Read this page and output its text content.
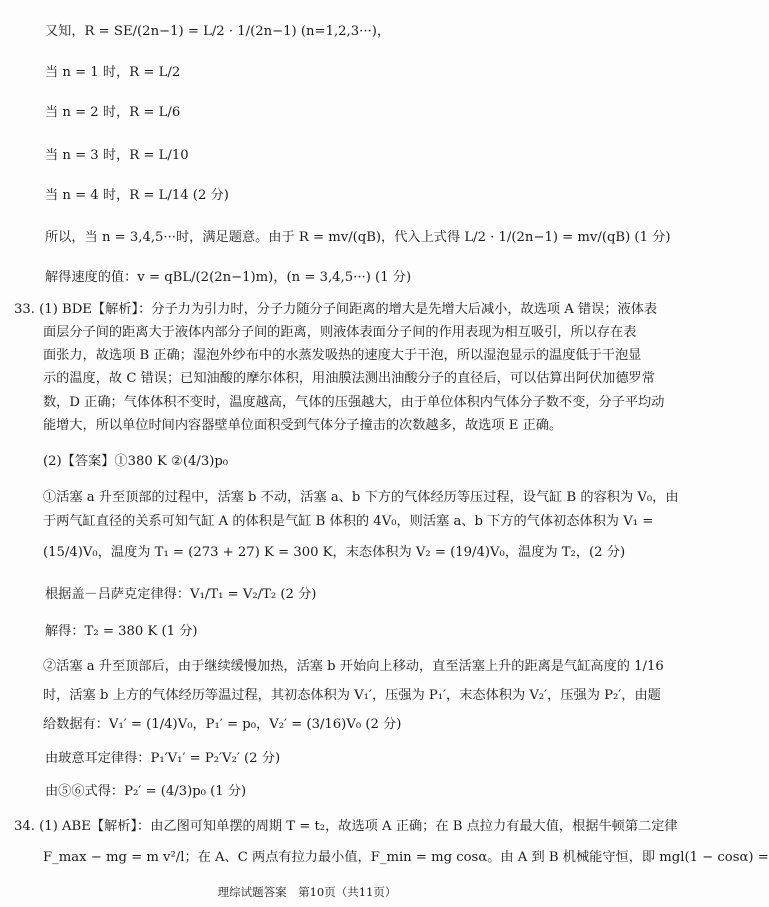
又知，R = SE/(2n−1) = L/2 · 1/(2n−1) (n=1,2,3···)，
当 n = 1 时，R = L/2
当 n = 2 时，R = L/6
当 n = 3 时，R = L/10
当 n = 4 时，R = L/14 (2 分)
所以，当 n = 3,4,5···时，满足题意。由于 R = mv/(qB)，代入上式得 L/2 · 1/(2n−1) = mv/(qB) (1 分)
解得速度的值：v = qBL/(2(2n−1)m)，(n = 3,4,5···) (1 分)
33. (1) BDE【解析】：分子力为引力时，分子力随分子间距离的增大是先增大后减小，故选项 A 错误；液体表
面层分子间的距离大于液体内部分子间的距离，则液体表面分子间的作用表现为相互吸引，所以存在表
面张力，故选项 B 正确；湿泡外纱布中的水蒸发吸热的速度大于干泡，所以湿泡显示的温度低于干泡显
示的温度，故 C 错误；已知油酸的摩尔体积，用油膜法测出油酸分子的直径后，可以估算出阿伏加德罗常
数，D 正确；气体体积不变时，温度越高，气体的压强越大，由于单位体积内气体分子数不变，分子平均动
能增大，所以单位时间内容器壁单位面积受到气体分子撞击的次数越多，故选项 E 正确。
(2)【答案】①380 K ②(4/3)p₀
①活塞 a 升至顶部的过程中，活塞 b 不动，活塞 a、b 下方的气体经历等压过程，设气缸 B 的容积为 V₀，由
于两气缸直径的关系可知气缸 A 的体积是气缸 B 体积的 4V₀，则活塞 a、b 下方的气体初态体积为 V₁ =
(15/4)V₀，温度为 T₁ = (273 + 27) K = 300 K，末态体积为 V₂ = (19/4)V₀，温度为 T₂，(2 分)
根据盖－吕萨克定律得：V₁/T₁ = V₂/T₂ (2 分)
解得：T₂ = 380 K (1 分)
②活塞 a 升至顶部后，由于继续缓慢加热，活塞 b 开始向上移动，直至活塞上升的距离是气缸高度的 1/16
时，活塞 b 上方的气体经历等温过程，其初态体积为 V₁′，压强为 P₁′，末态体积为 V₂′，压强为 P₂′，由题
给数据有：V₁′ = (1/4)V₀，P₁′ = p₀，V₂′ = (3/16)V₀ (2 分)
由玻意耳定律得：P₁′V₁′ = P₂′V₂′ (2 分)
由⑤⑥式得：P₂′ = (4/3)p₀ (1 分)
34. (1) ABE【解析】：由乙图可知单摆的周期 T = t₂，故选项 A 正确；在 B 点拉力有最大值，根据牛顿第二定律
F_max − mg = m v²/l；在 A、C 两点有拉力最小值，F_min = mg cosα。由 A 到 B 机械能守恒，即 mgl(1 − cosα) =
理综试题答案　第10页（共11页）
